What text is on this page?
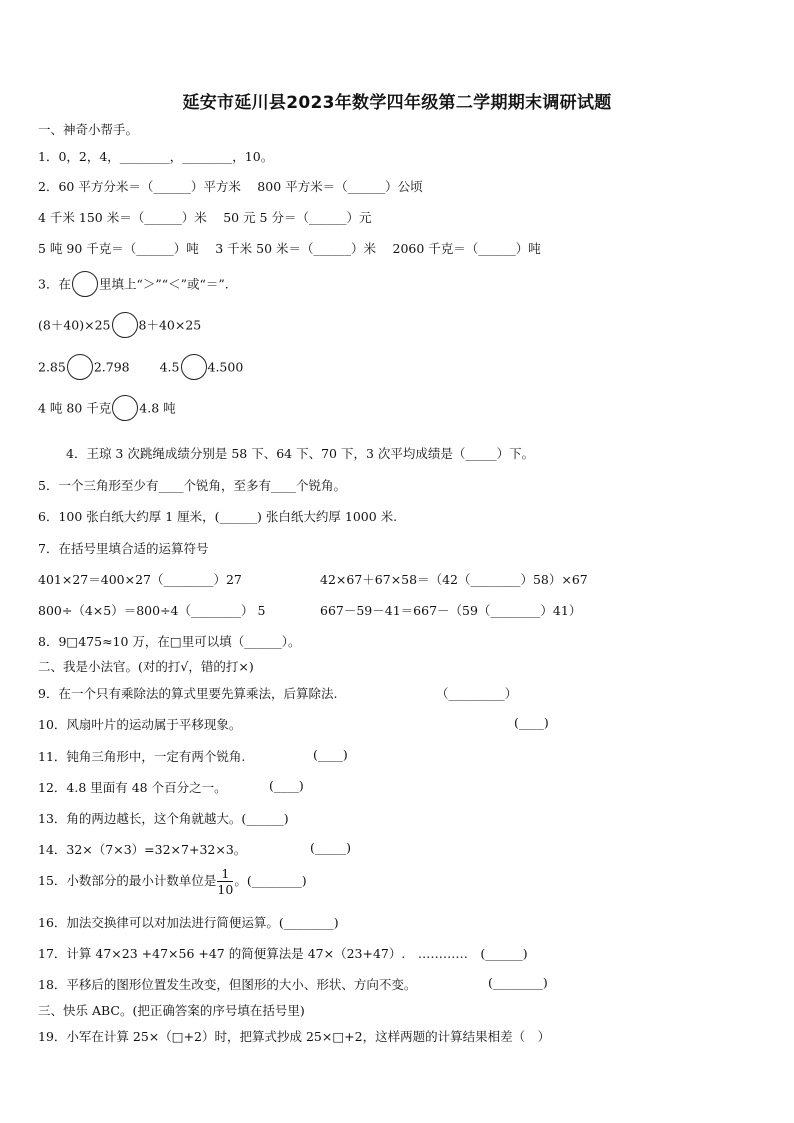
延安市延川县2023年数学四年级第二学期期末调研试题
一、神奇小帮手。
1．0，2，4，________，________，10。
2．60 平方分米＝（______）平方米　 800 平方米＝（______）公顷
4 千米 150 米＝（______）米　 50 元 5 分＝（______）元
5 吨 90 千克＝（______）吨　 3 千米 50 米＝（______）米　 2060 千克＝（______）吨
3．在 里填上“＞”“＜”或“＝”.
(8＋40)×25 8＋40×25
2.85 2.798 4.5 4.500
4 吨 80 千克 4.8 吨
4．王琼 3 次跳绳成绩分别是 58 下、64 下、70 下，3 次平均成绩是（_____）下。
5．一个三角形至少有____个锐角，至多有____个锐角。
6．100 张白纸大约厚 1 厘米，(______) 张白纸大约厚 1000 米.
7．在括号里填合适的运算符号
401×27＝400×27（________）27	42×67＋67×58＝（42（________）58）×67
800÷（4×5）＝800÷4（________） 5	667－59－41＝667－（59（________）41）
8．9□475≈10 万，在□里可以填（______）。
二、我是小法官。(对的打√，错的打×)
9．在一个只有乘除法的算式里要先算乘法，后算除法.	（_________）
10．风扇叶片的运动属于平移现象。	(____)
11．钝角三角形中，一定有两个锐角.	(____)
12．4.8 里面有 48 个百分之一。	(____)
13．角的两边越长，这个角就越大。(______)
14．32×（7×3）=32×7+32×3。	(_____)
15．小数部分的最小计数单位是 $\frac{1}{10}$ 。(________)
16．加法交换律可以对加法进行简便运算。(________)
17．计算 47×23 +47×56 +47 的简便算法是 47×（23+47）.　…………　(______)
18．平移后的图形位置发生改变，但图形的大小、形状、方向不变。	(________)
三、快乐 ABC。(把正确答案的序号填在括号里)
19．小军在计算 25×（□+2）时，把算式抄成 25×□+2，这样两题的计算结果相差（　）
